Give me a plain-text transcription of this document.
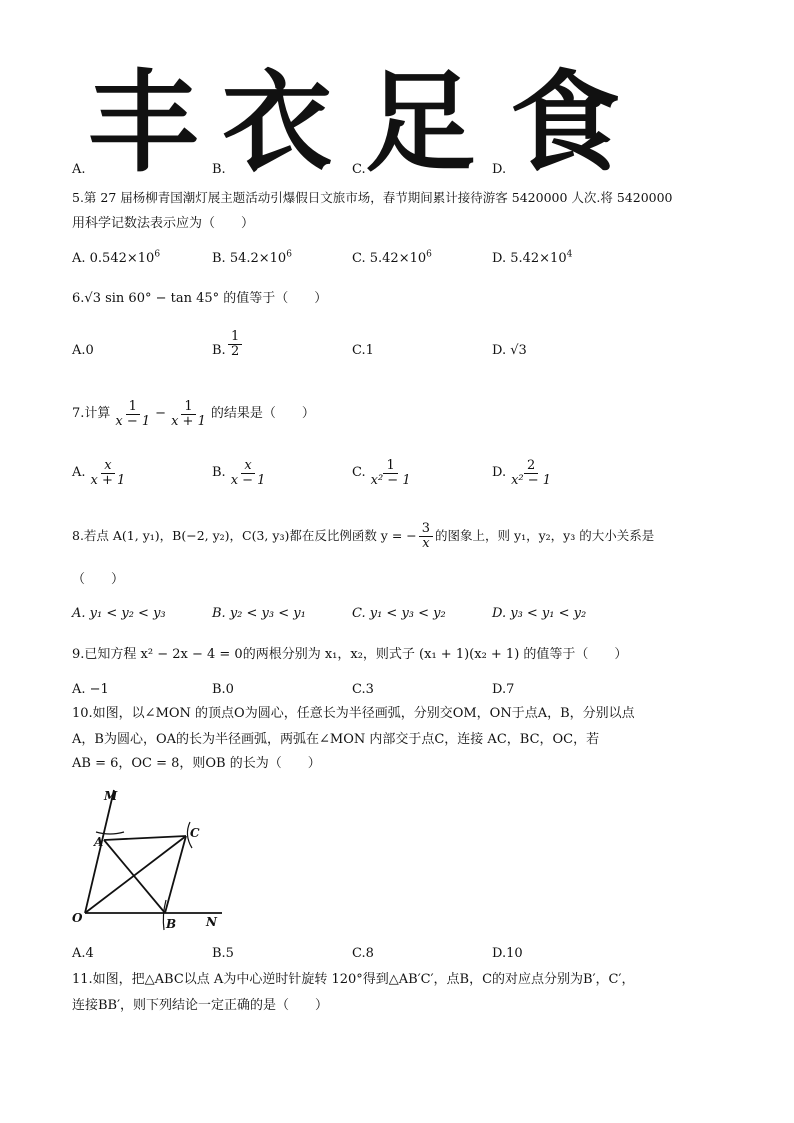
丰 衣 足 食
A.	B.	C.	D.
5.第 27 届杨柳青国潮灯展主题活动引爆假日文旅市场，春节期间累计接待游客 5420000 人次.将 5420000
用科学记数法表示应为（　　）
A. $0.542\times 10^6$	B. $54.2\times 10^6$	C. $5.42\times 10^6$	D. $5.42\times 10^4$
6.√3 sin 60° − tan 45° 的值等于（　　）
A.0	B. $\frac{1}{2}$	C.1	D. √3
7.计算 $\frac{1}{x - 1} - \frac{1}{x + 1}$ 的结果是（　　）
A. $\frac{x}{x + 1}$	B. $\frac{x}{x - 1}$	C. $\frac{1}{\text{x² − 1}}$	D. $\frac{2}{\text{x² − 1}}$
8.若点 A(1, y₁)，B(−2, y₂)，C(3, y₃)都在反比例函数 y = − $\frac{3}{x}$ 的图象上，则 y₁，y₂，y₃ 的大小关系是
（　　）
A. y₁ < y₂ < y₃	B. y₂ < y₃ < y₁	C. y₁ < y₃ < y₂	D. y₃ < y₁ < y₂
9.已知方程 x² − 2x − 4 = 0的两根分别为 x₁，x₂，则式子 (x₁ + 1)(x₂ + 1) 的值等于（　　）
A. −1	B.0	C.3	D.7
10.如图，以∠MON 的顶点O为圆心，任意长为半径画弧，分别交OM，ON于点A，B，分别以点
A，B为圆心，OA的长为半径画弧，两弧在∠MON 内部交于点C，连接 AC，BC，OC，若
AB = 6，OC = 8，则OB 的长为（　　）
M
A
C
O	B N
A.4	B.5	C.8	D.10
11.如图，把△ABC以点 A为中心逆时针旋转 120°得到△AB′C′，点B，C的对应点分别为B′，C′，
连接BB′，则下列结论一定正确的是（　　）
